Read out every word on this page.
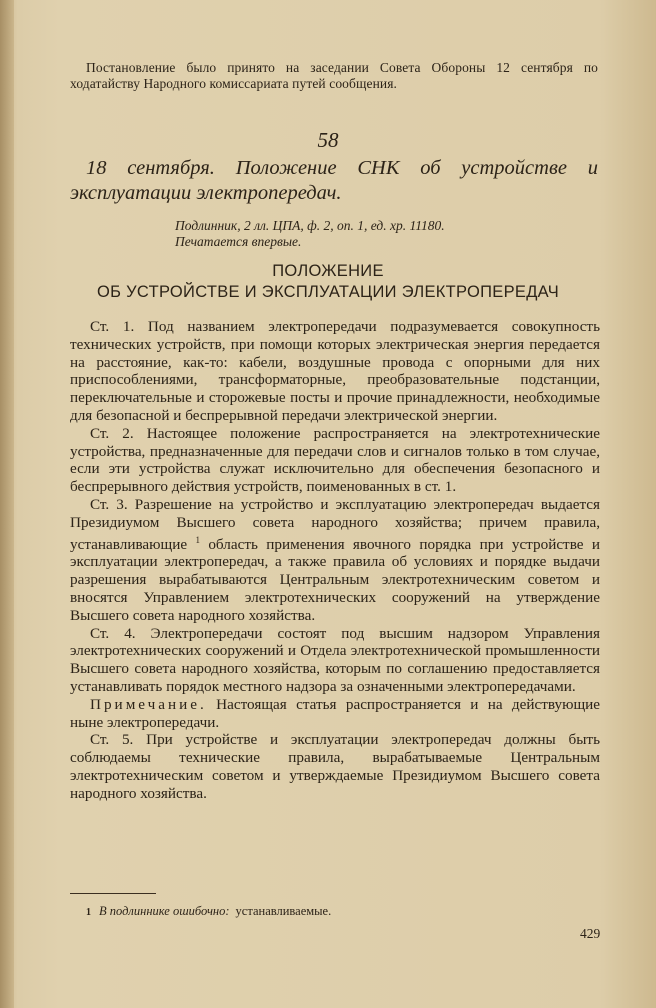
Постановление было принято на заседании Совета Обороны 12 сентября по ходатайству Народного комиссариата путей сообщения.
58
18 сентября. Положение СНК об устройстве и эксплуатации электропередач.
Подлинник, 2 лл. ЦПА, ф. 2, оп. 1, ед. хр. 11180.
Печатается впервые.
ПОЛОЖЕНИЕ
ОБ УСТРОЙСТВЕ И ЭКСПЛУАТАЦИИ ЭЛЕКТРОПЕРЕДАЧ

Ст. 1. Под названием электропередачи подразумевается совокупность технических устройств, при помощи которых электрическая энергия передается на расстояние, как-то: кабели, воздушные провода с опорными для них приспособлениями, трансформаторные, преобразовательные подстанции, переключательные и сторожевые посты и прочие принадлежности, необходимые для безопасной и беспрерывной передачи электрической энергии.

Ст. 2. Настоящее положение распространяется на электротехнические устройства, предназначенные для передачи слов и сигналов только в том случае, если эти устройства служат исключительно для обеспечения безопасного и беспрерывного действия устройств, поименованных в ст. 1.

Ст. 3. Разрешение на устройство и эксплуатацию электропередач выдается Президиумом Высшего совета народного хозяйства; причем правила, устанавливающие $^1$ область применения явочного порядка при устройстве и эксплуатации электропередач, а также правила об условиях и порядке выдачи разрешения вырабатываются Центральным электротехническим советом и вносятся Управлением электротехнических сооружений на утверждение Высшего совета народного хозяйства.

Ст. 4. Электропередачи состоят под высшим надзором Управления электротехнических сооружений и Отдела электротехнической промышленности Высшего совета народного хозяйства, которым по соглашению предоставляется устанавливать порядок местного надзора за означенными электропередачами.

Примечание. Настоящая статья распространяется и на действующие ныне электропередачи.

Ст. 5. При устройстве и эксплуатации электропередач должны быть соблюдаемы технические правила, вырабатываемые Центральным электротехническим советом и утверждаемые Президиумом Высшего совета народного хозяйства.

1 В подлиннике ошибочно: устанавливаемые.
429
